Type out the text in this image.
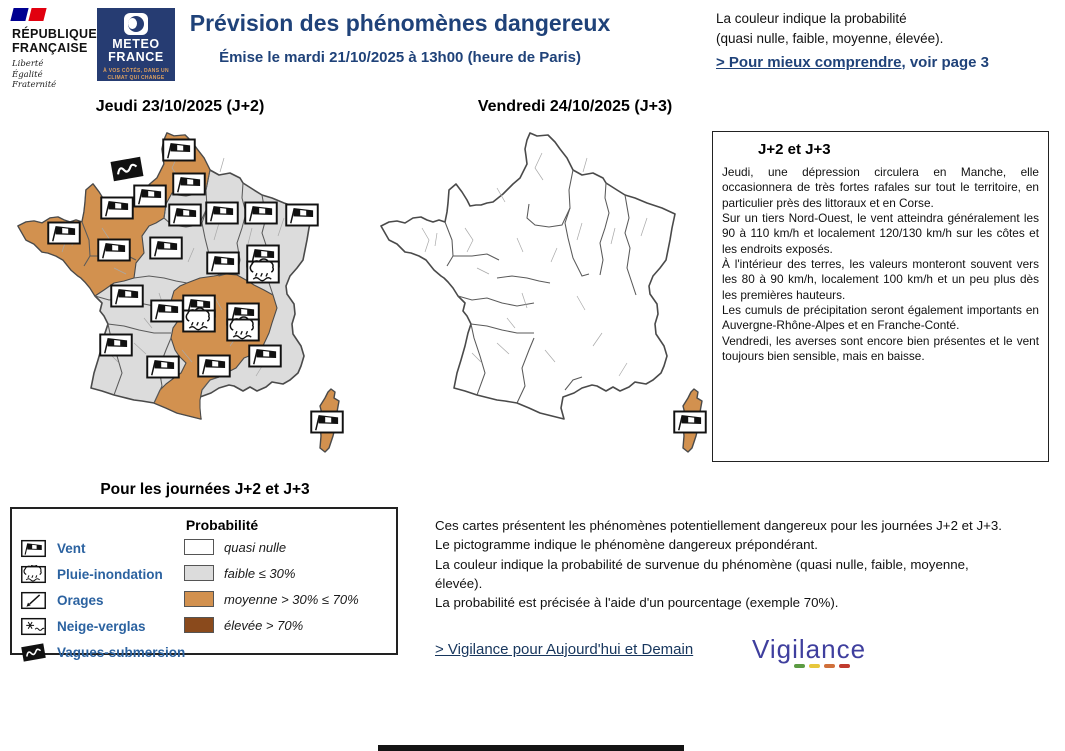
RÉPUBLIQUE
FRANÇAISE
Liberté
Égalité
Fraternité
METEO
FRANCE
À VOS CÔTÉS, DANS UN
CLIMAT QUI CHANGE
Prévision des phénomènes dangereux
Émise le mardi 21/10/2025 à 13h00 (heure de Paris)
La couleur indique la probabilité
(quasi nulle, faible, moyenne, élevée).
> Pour mieux comprendre, voir page 3
Jeudi 23/10/2025 (J+2)	Vendredi 24/10/2025 (J+3)
J+2 et J+3
Jeudi, une dépression circulera en Manche, elle occasionnera de très fortes rafales sur tout le territoire, en particulier près des littoraux et en Corse.
Sur un tiers Nord-Ouest, le vent atteindra généralement les 90 à 110 km/h et localement 120/130 km/h sur les côtes et les endroits exposés.
À l'intérieur des terres, les valeurs monteront souvent vers les 80 à 90 km/h, localement 100 km/h et un peu plus dès les premières hauteurs.
Les cumuls de précipitation seront également importants en Auvergne-Rhône-Alpes et en Franche-Conté.
Vendredi, les averses sont encore bien présentes et le vent toujours bien sensible, mais en baisse.
Pour les journées J+2 et J+3
Probabilité
Vent
Pluie-inondation
Orages
Neige-verglas
Vagues-submersion
quasi nulle
faible ≤ 30%
moyenne > 30% ≤ 70%
élevée > 70%
Ces cartes présentent les phénomènes potentiellement dangereux pour les journées J+2 et J+3.
Le pictogramme indique le phénomène dangereux prépondérant.
La couleur indique la probabilité de survenue du phénomène (quasi nulle, faible, moyenne,
élevée).
La probabilité est précisée à l'aide d'un pourcentage (exemple 70%).
> Vigilance pour Aujourd'hui et Demain Vigilance
